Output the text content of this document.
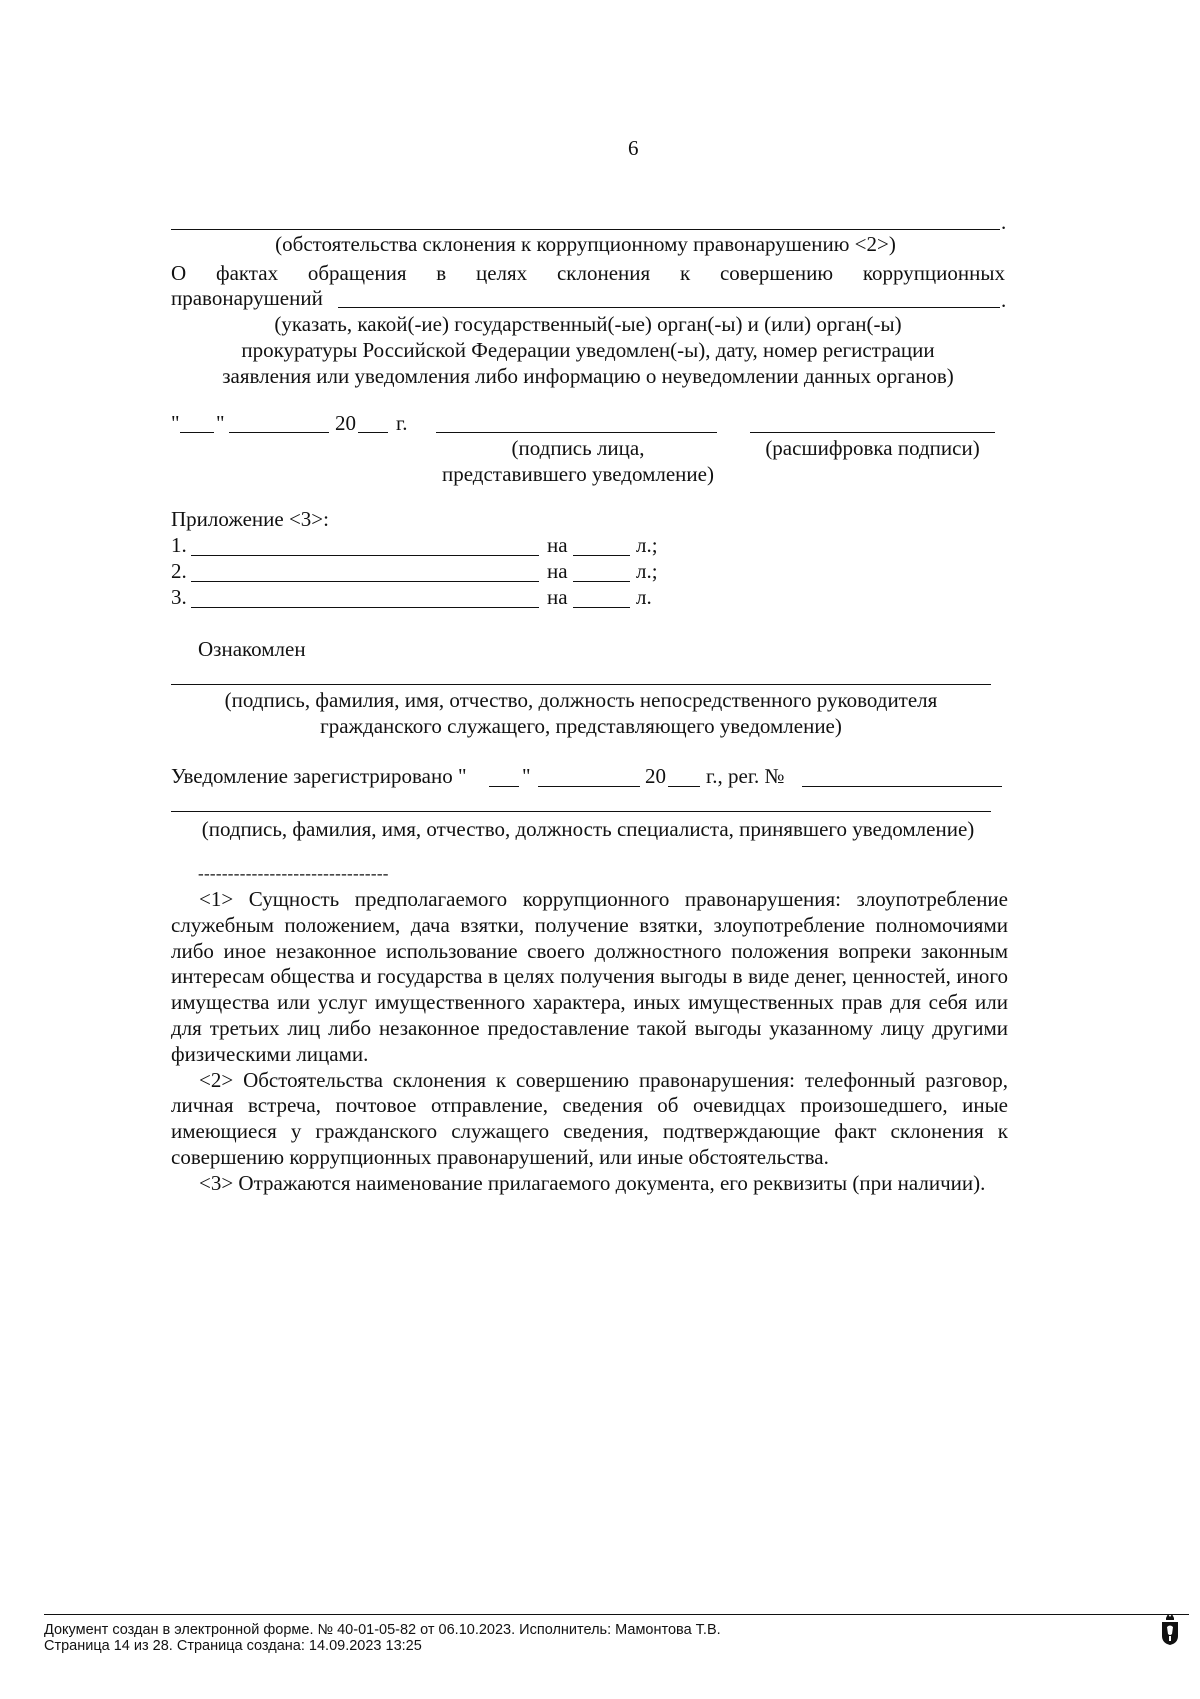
6
.
(обстоятельства склонения к коррупционному правонарушению <2>)
О фактах обращения в целях склонения к совершению коррупционных
правонарушений	.
(указать, какой(-ие) государственный(-ые) орган(-ы) и (или) орган(-ы)
прокуратуры Российской Федерации уведомлен(-ы), дату, номер регистрации
заявления или уведомления либо информацию о неуведомлении данных органов)
" "	20 г.
(подпись лица,
представившего уведомление)
(расшифровка подписи)
Приложение <3>:
1.	на	л.;
2.	на	л.;
3.	на	л.
Ознакомлен
(подпись, фамилия, имя, отчество, должность непосредственного руководителя
гражданского служащего, представляющего уведомление)
Уведомление зарегистрировано "	"	20 г., рег. №
(подпись, фамилия, имя, отчество, должность специалиста, принявшего уведомление)
--------------------------------

<1> Сущность предполагаемого коррупционного правонарушения: злоупотребление служебным положением, дача взятки, получение взятки, злоупотребление полномочиями либо иное незаконное использование своего должностного положения вопреки законным интересам общества и государства в целях получения выгоды в виде денег, ценностей, иного имущества или услуг имущественного характера, иных имущественных прав для себя или для третьих лиц либо незаконное предоставление такой выгоды указанному лицу другими физическими лицами.

<2> Обстоятельства склонения к совершению правонарушения: телефонный разговор, личная встреча, почтовое отправление, сведения об очевидцах произошедшего, иные имеющиеся у гражданского служащего сведения, подтверждающие факт склонения к совершению коррупционных правонарушений, или иные обстоятельства.

<3> Отражаются наименование прилагаемого документа, его реквизиты (при наличии).

Документ создан в электронной форме. № 40-01-05-82 от 06.10.2023. Исполнитель: Мамонтова Т.В.
Страница 14 из 28. Страница создана: 14.09.2023 13:25
